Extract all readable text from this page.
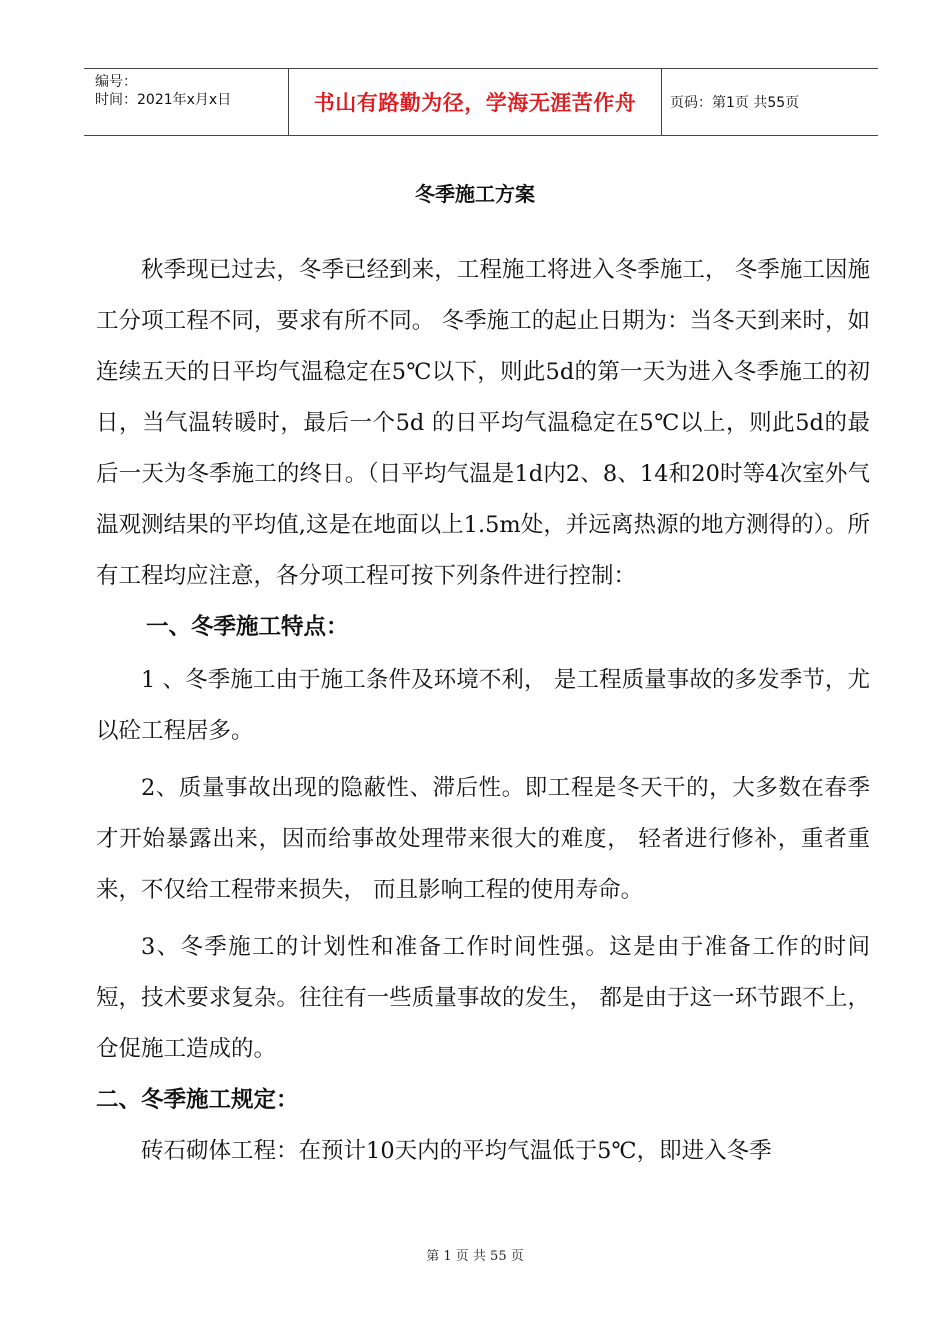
编号：
时间：2021年x月x日	书山有路勤为径，学海无涯苦作舟	页码：第1页 共55页
冬季施工方案

秋季现已过去，冬季已经到来，工程施工将进入冬季施工， 冬季施工因施工分项工程不同，要求有所不同。 冬季施工的起止日期为：当冬天到来时，如连续五天的日平均气温稳定在5℃以下，则此5d的第一天为进入冬季施工的初日，当气温转暖时，最后一个5d 的日平均气温稳定在5℃以上，则此5d的最后一天为冬季施工的终日。（日平均气温是1d内2、8、14和20时等4次室外气温观测结果的平均值,这是在地面以上1.5m处，并远离热源的地方测得的）。所有工程均应注意，各分项工程可按下列条件进行控制：

一、冬季施工特点：

1 、冬季施工由于施工条件及环境不利， 是工程质量事故的多发季节，尤以砼工程居多。

2、质量事故出现的隐蔽性、滞后性。即工程是冬天干的，大多数在春季才开始暴露出来，因而给事故处理带来很大的难度， 轻者进行修补，重者重来，不仅给工程带来损失， 而且影响工程的使用寿命。

3、冬季施工的计划性和准备工作时间性强。这是由于准备工作的时间短，技术要求复杂。往往有一些质量事故的发生， 都是由于这一环节跟不上，仓促施工造成的。

二、冬季施工规定：

砖石砌体工程：在预计10天内的平均气温低于5℃，即进入冬季

第 1 页 共 55 页
